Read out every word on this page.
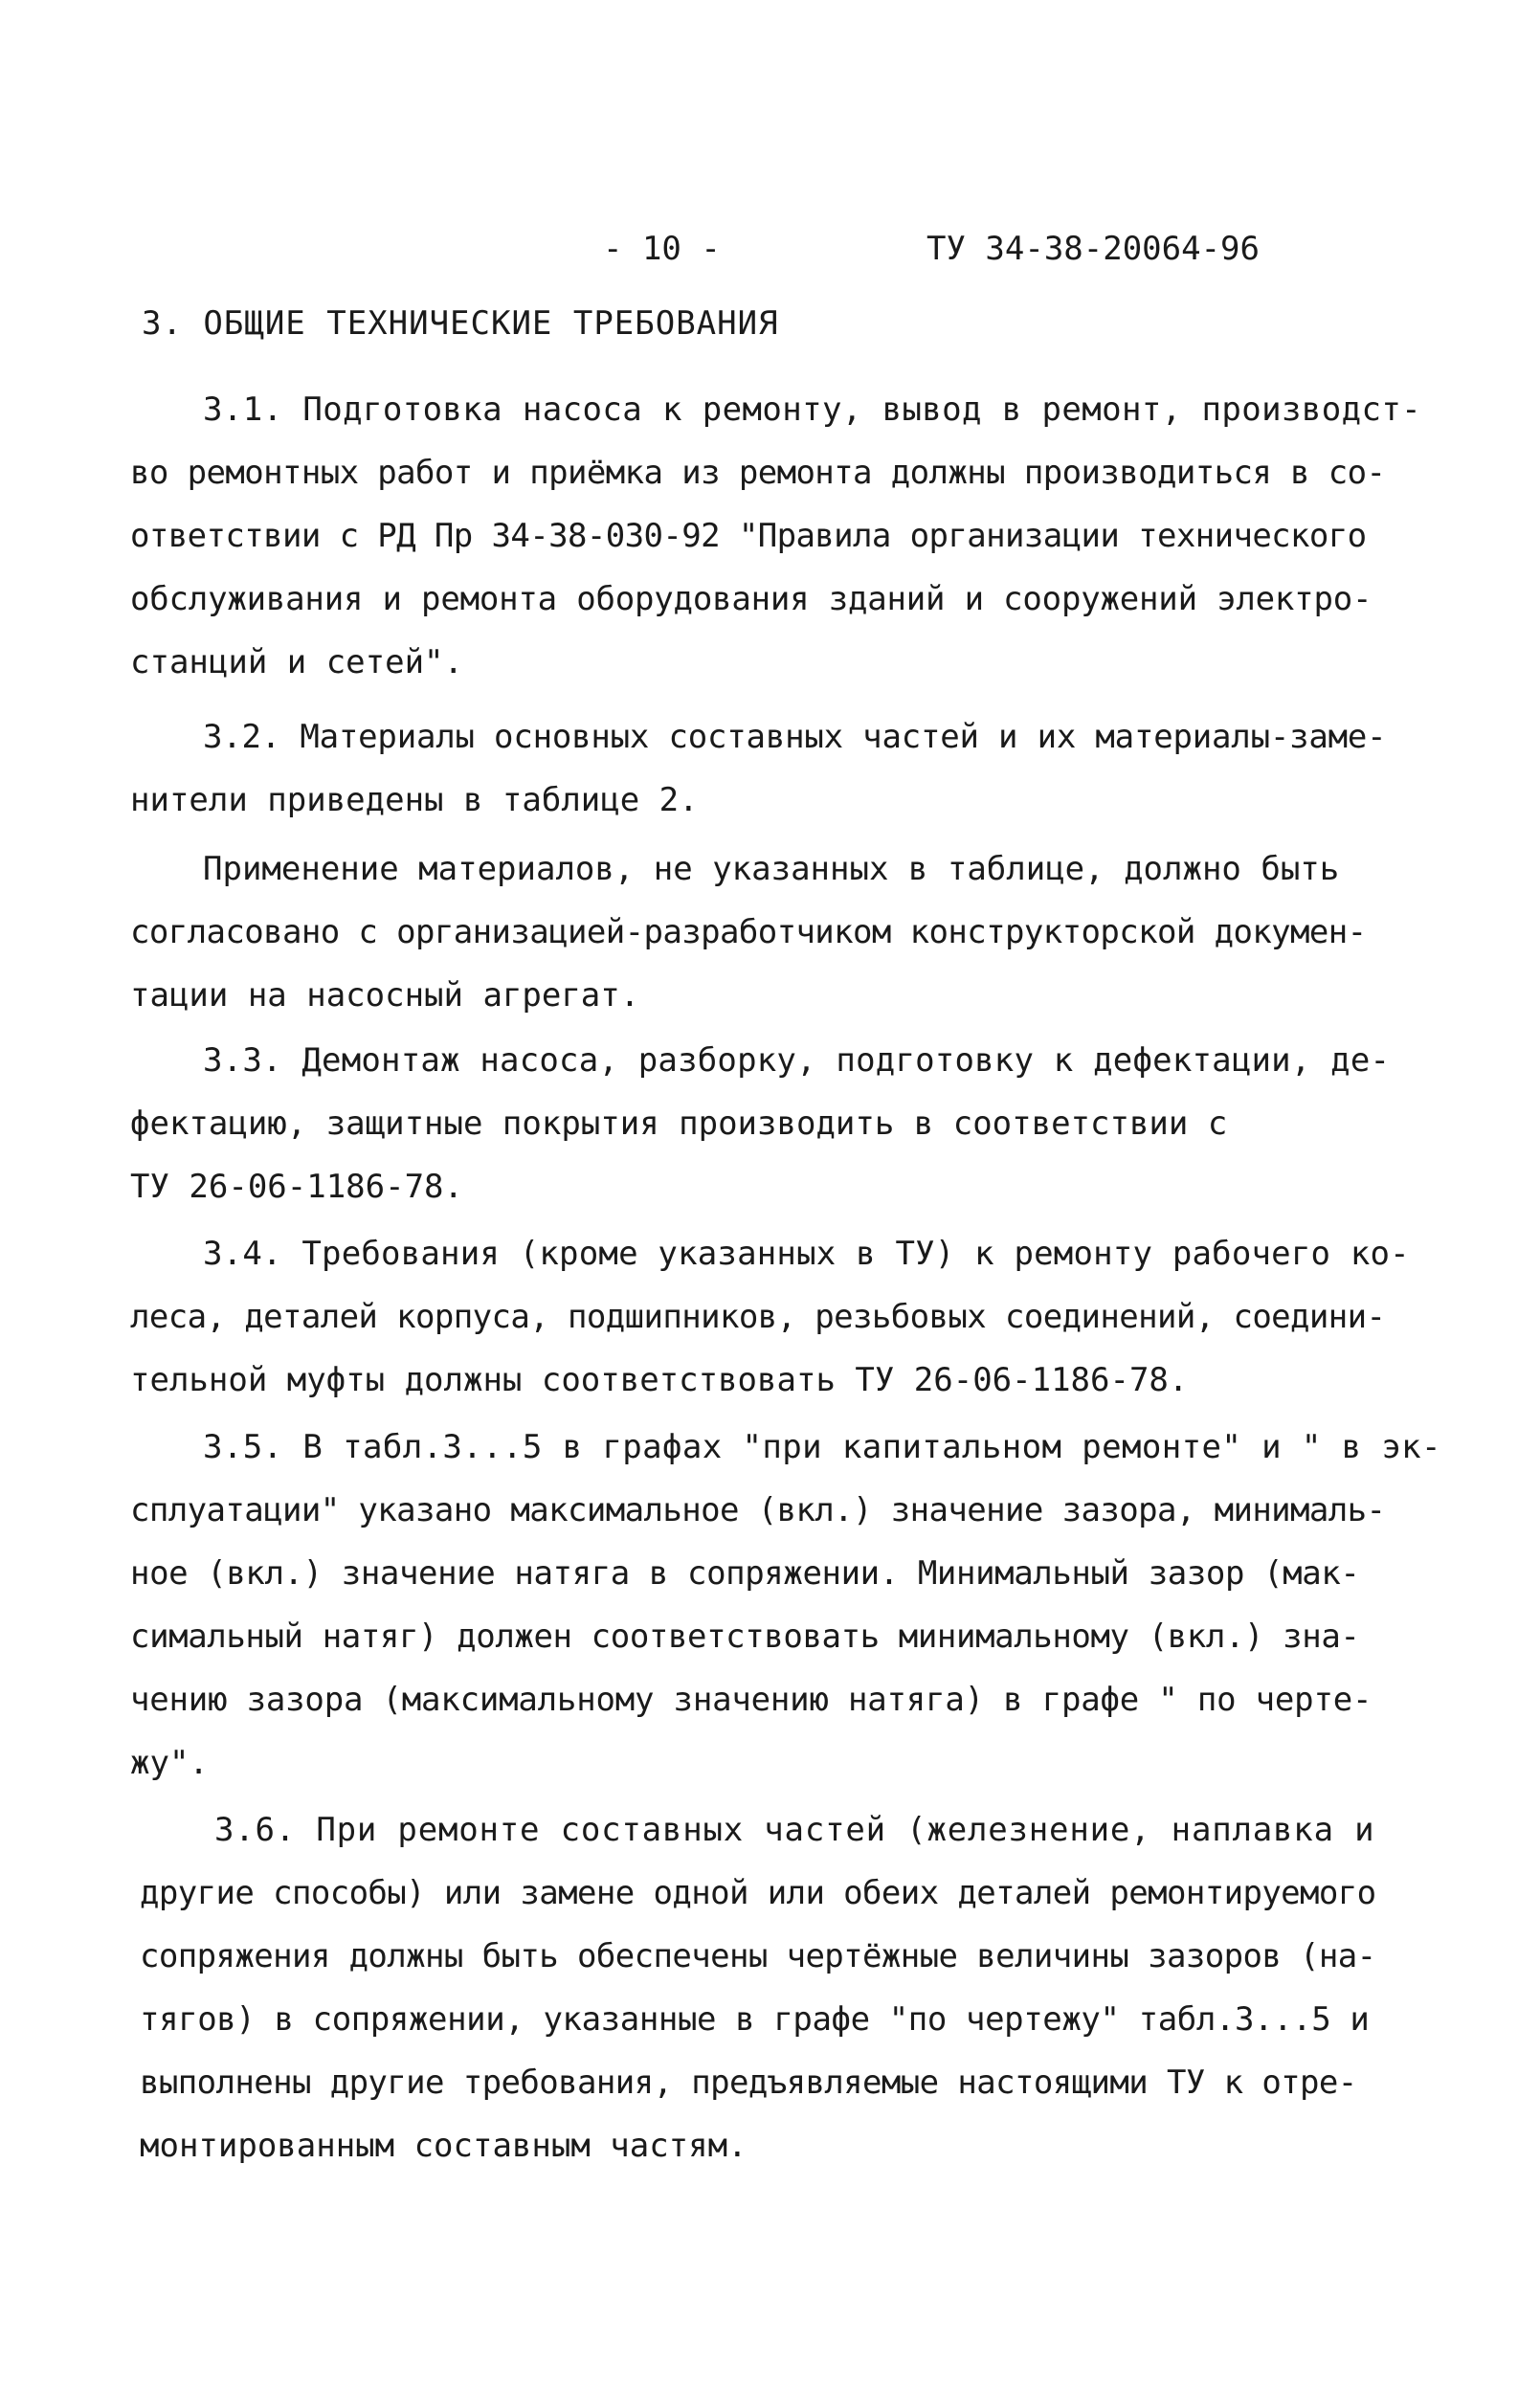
- 10 -	ТУ 34-38-20064-96
3. ОБЩИЕ ТЕХНИЧЕСКИЕ ТРЕБОВАНИЯ
3.1. Подготовка насоса к ремонту, вывод в ремонт, производст-
во ремонтных работ и приёмка из ремонта должны производиться в со-
ответствии с РД Пр 34-38-030-92 "Правила организации технического
обслуживания и ремонта оборудования зданий и сооружений электро-
станций и сетей".
3.2. Материалы основных составных частей и их материалы-заме-
нители приведены в таблице 2.
Применение материалов, не указанных в таблице, должно быть
согласовано с организацией-разработчиком конструкторской докумен-
тации на насосный агрегат.
3.3. Демонтаж насоса, разборку, подготовку к дефектации, де-
фектацию, защитные покрытия производить в соответствии с
ТУ 26-06-1186-78.
3.4. Требования (кроме указанных в ТУ) к ремонту рабочего ко-
леса, деталей корпуса, подшипников, резьбовых соединений, соедини-
тельной муфты должны соответствовать ТУ 26-06-1186-78.
3.5. В табл.3...5 в графах "при капитальном ремонте" и " в эк-
сплуатации" указано максимальное (вкл.) значение зазора, минималь-
ное (вкл.) значение натяга в сопряжении. Минимальный зазор (мак-
симальный натяг) должен соответствовать минимальному (вкл.) зна-
чению зазора (максимальному значению натяга) в графе " по черте-
жу".
3.6. При ремонте составных частей (железнение, наплавка и
другие способы) или замене одной или обеих деталей ремонтируемого
сопряжения должны быть обеспечены чертёжные величины зазоров (на-
тягов) в сопряжении, указанные в графе "по чертежу" табл.3...5 и
выполнены другие требования, предъявляемые настоящими ТУ к отре-
монтированным составным частям.
